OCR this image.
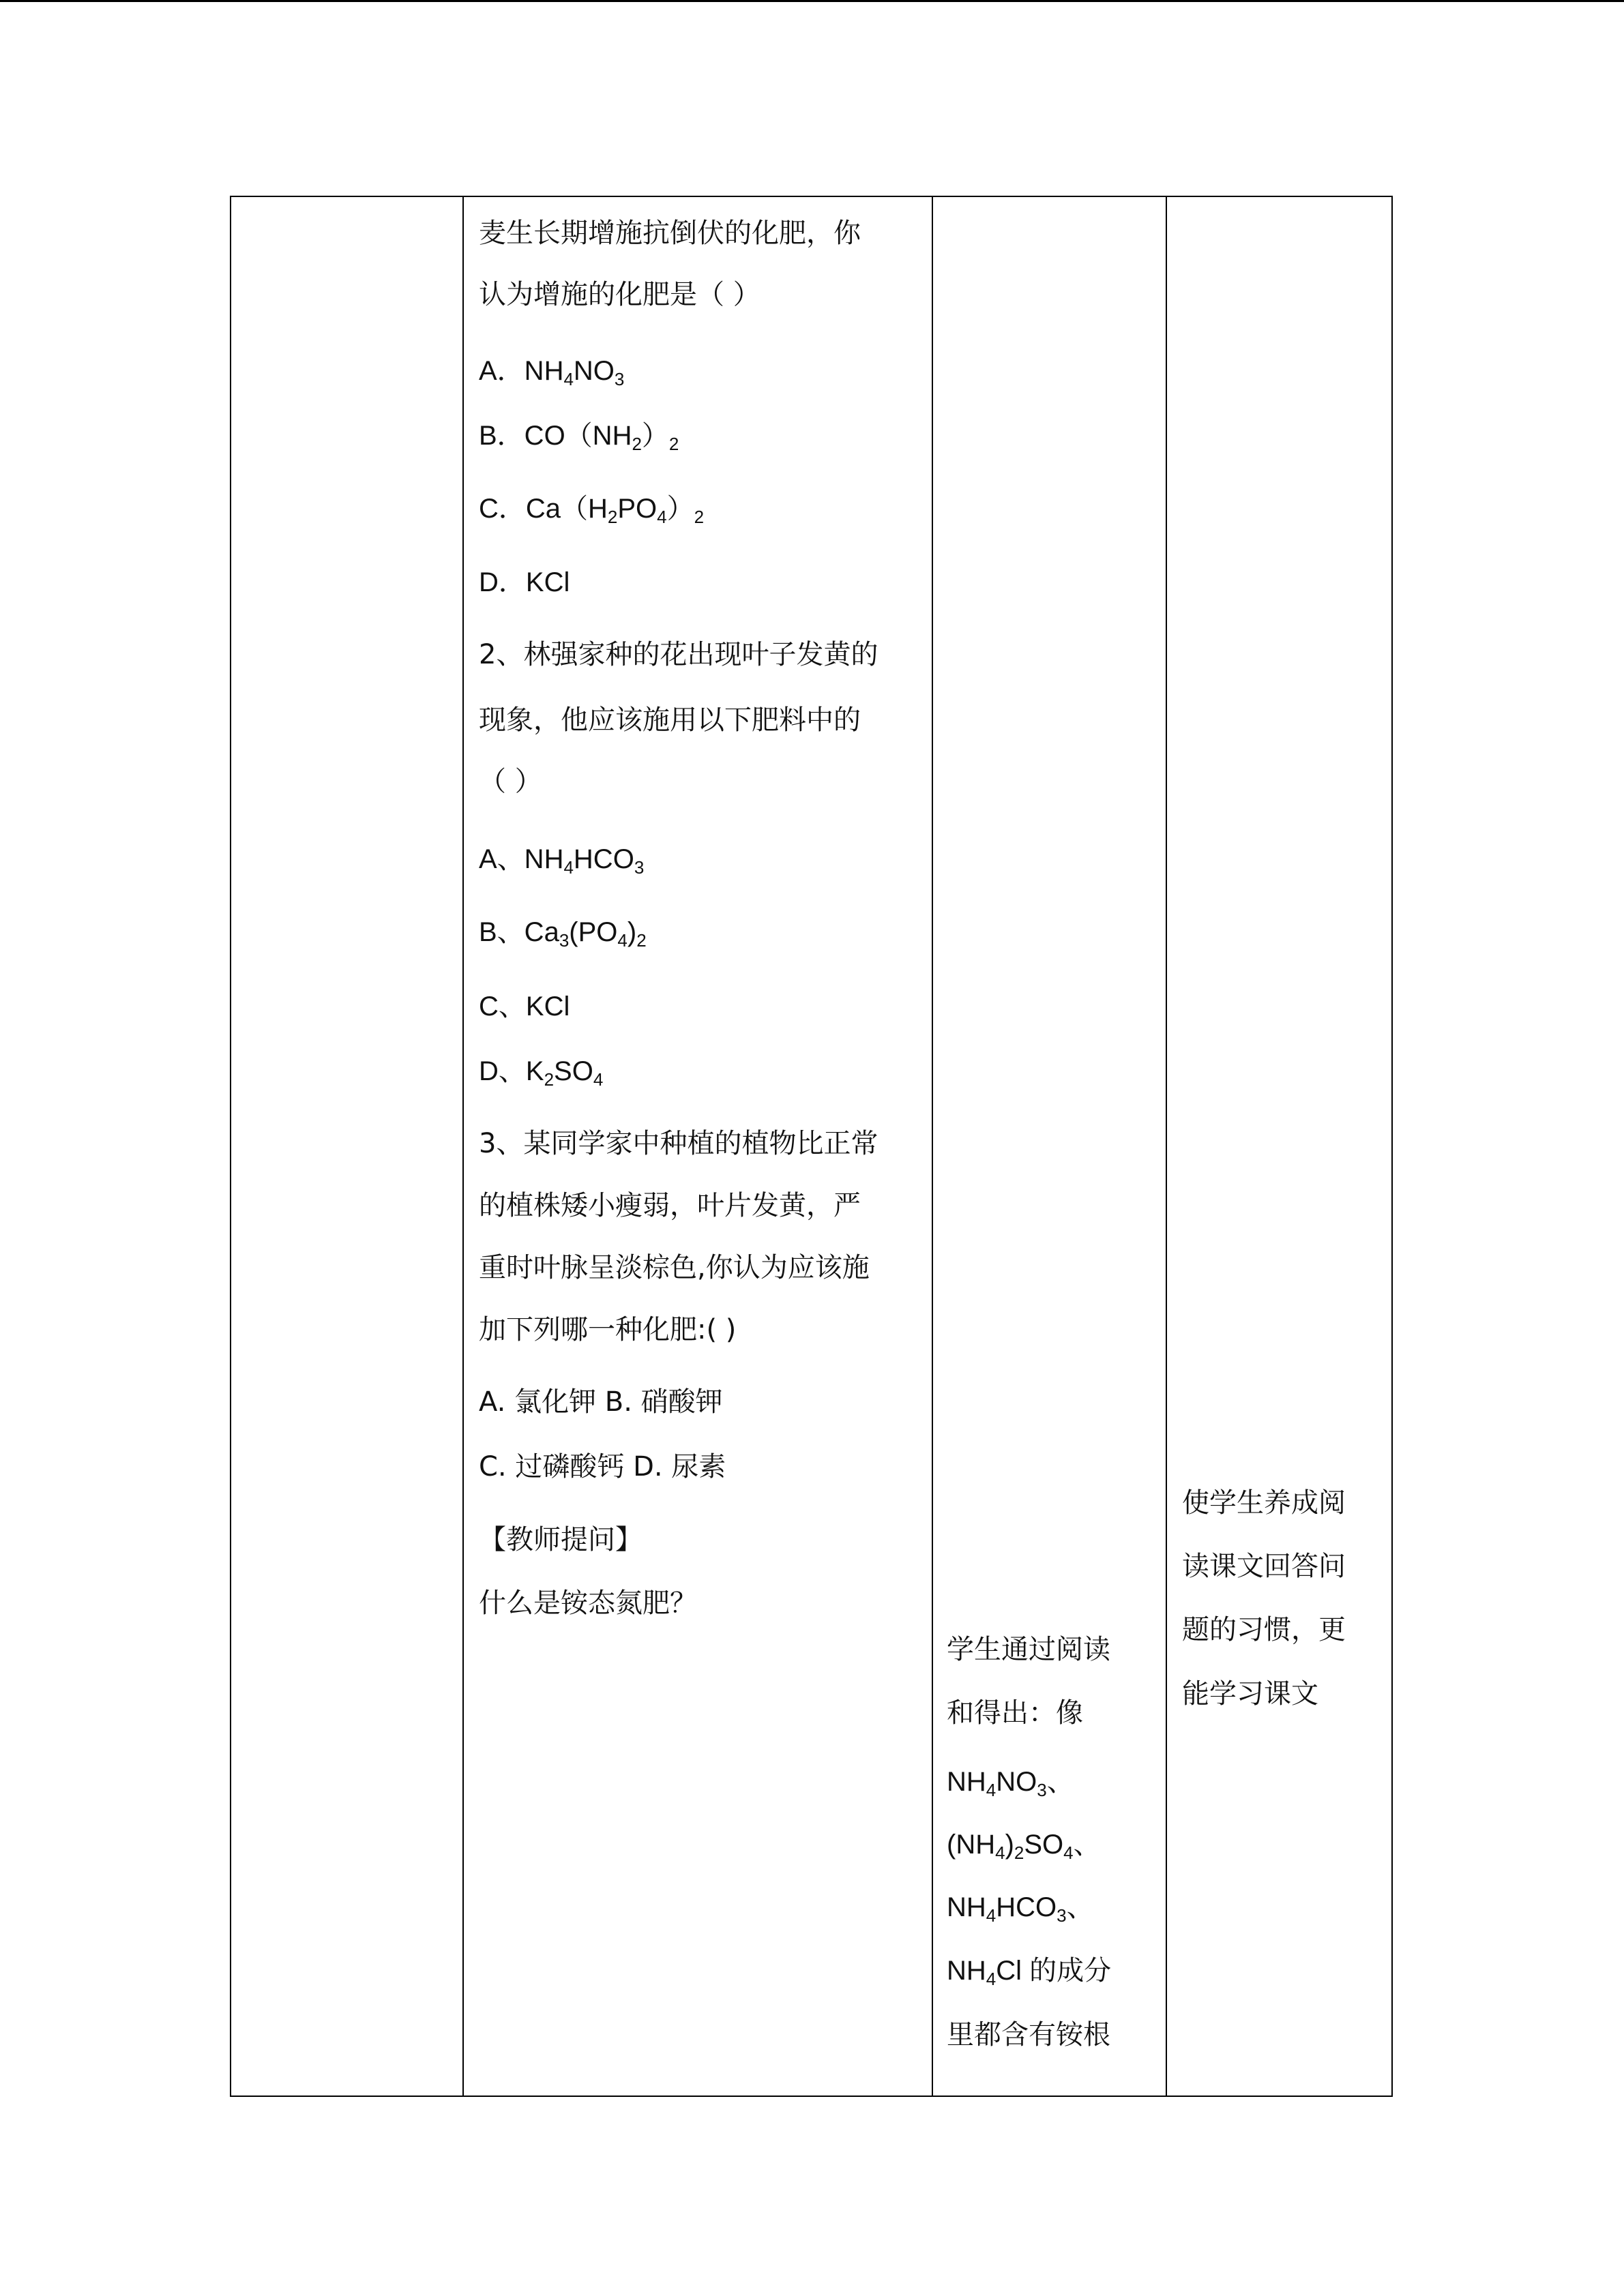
麦生长期增施抗倒伏的化肥，你
认为增施的化肥是（ ）
A．$NH_4NO_3$
B．$CO(NH_2)_2$
C．$Ca(H_2PO_4)_2$
D．KCl
2、林强家种的花出现叶子发黄的
现象，他应该施用以下肥料中的
（ ）
A、$NH_4HCO_3$
B、$Ca_3(PO_4)_2$
C、KCl
D、$K_2SO_4$
3、某同学家中种植的植物比正常
的植株矮小瘦弱，叶片发黄，严
重时叶脉呈淡棕色,你认为应该施
加下列哪一种化肥:( )
A. 氯化钾 B. 硝酸钾
C. 过磷酸钙 D. 尿素
【教师提问】
什么是铵态氮肥？
学生通过阅读
和得出：像
$NH_4NO_3$、
$(NH_4)_2SO_4$、
$NH_4HCO_3$、
$NH_4Cl$ 的成分
里都含有铵根
使学生养成阅
读课文回答问
题的习惯，更
能学习课文
